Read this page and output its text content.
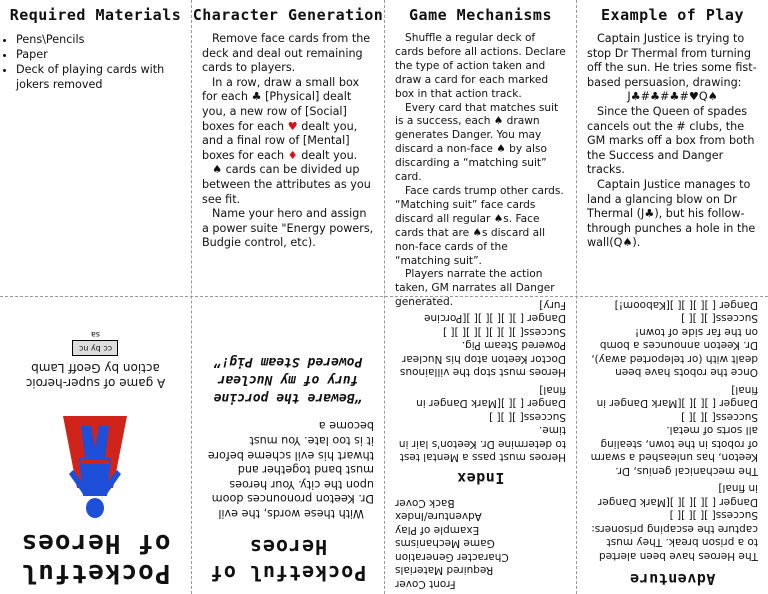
Required Materials
• Pens\Pencils
• Paper
• Deck of playing cards with jokers removed
Character Generation

Remove face cards from the deck and deal out remaining cards to players.

In a row, draw a small box for each ♣ [Physical] dealt you, a new row of [Social] boxes for each ♥ dealt you, and a final row of [Mental] boxes for each ♦ dealt you.

♠ cards can be divided up between the attributes as you see fit.

Name your hero and assign a power suite "Energy powers, Budgie control, etc).

Game Mechanisms

Shuffle a regular deck of cards before all actions. Declare the type of action taken and draw a card for each marked box in that action track.

Every card that matches suit is a success, each ♠ drawn generates Danger. You may discard a non-face ♠ by also discarding a “matching suit” card.

Face cards trump other cards. “Matching suit” face cards discard all regular ♠s. Face cards that are ♠s discard all non-face cards of the “matching suit”.

Players narrate the action taken, GM narrates all Danger generated.

Example of Play

Captain Justice is trying to stop Dr Thermal from turning off the sun. He tries some fist-based persuasion, drawing:

J♣#♣#♣#♥Q♠

Since the Queen of spades cancels out the # clubs, the GM marks off a box from both the Success and Danger tracks.

Captain Justice manages to land a glancing blow on Dr Thermal (J♣), but his follow-through punches a hole in the wall(Q♠).

Pocketful
of Heroes
A game of super-heroic action by Geoff Lamb
cc by nc sa
Pocketful of
Heroes

With these words, the evil Dr. Keeton pronounces doom upon the city. Your heroes must band together and thwart his evil scheme before it is too late. You must become a

“Beware the porcine fury of my Nuclear Powered Steam Pig!”
Front Cover
Required Materials
Character Generation
Game Mechanisms
Example of Play
Adventure/Index
Back Cover
Index
Heroes must pass a Mental test to determine Dr. Keeton's lair in time.
Success[ ][ ][ ]
Danger [ ][ ][Mark Danger in final]
Heroes must stop the villainous Doctor Keeton atop his Nuclear Powered Steam Pig.
Success[ ][ ][ ][ ][ ][ ][ ]
Danger [ ][ ][ ][ ][ ][Porcine Fury]
Adventure
The Heroes have been alerted to a prison break. They must capture the escaping prisoners:
Success[ ][ ][ ][ ]
Danger [ ][ ][ ][ ][Mark Danger in final]
The mechanical genius, Dr. Keeton, has unleashed a swarm of robots in the town, stealing all sorts of metal.
Success[ ][ ][ ]
Danger [ ][ ][ ][Mark Danger in final]
Once the robots have been dealt with (or teleported away), Dr. Keeton announces a bomb on the far side of town!
Success[ ][ ][ ]
Danger [ ][ ][ ][ ][Kaboom!]
